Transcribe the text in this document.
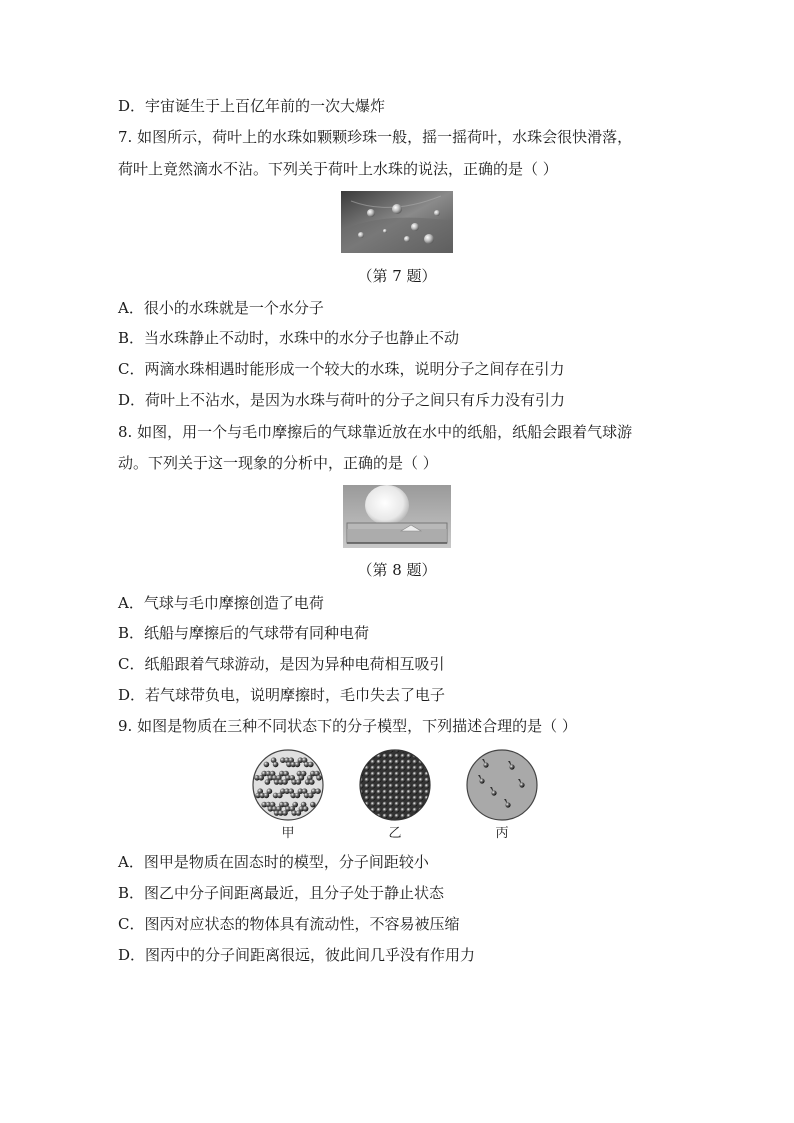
D．宇宙诞生于上百亿年前的一次大爆炸
7. 如图所示，荷叶上的水珠如颗颗珍珠一般，摇一摇荷叶，水珠会很快滑落，
荷叶上竟然滴水不沾。下列关于荷叶上水珠的说法，正确的是（ ）
（第 7 题）
A．很小的水珠就是一个水分子
B．当水珠静止不动时，水珠中的水分子也静止不动
C．两滴水珠相遇时能形成一个较大的水珠，说明分子之间存在引力
D．荷叶上不沾水，是因为水珠与荷叶的分子之间只有斥力没有引力
8. 如图，用一个与毛巾摩擦后的气球靠近放在水中的纸船，纸船会跟着气球游
动。下列关于这一现象的分析中，正确的是（ ）
（第 8 题）
A．气球与毛巾摩擦创造了电荷
B．纸船与摩擦后的气球带有同种电荷
C．纸船跟着气球游动，是因为异种电荷相互吸引
D．若气球带负电，说明摩擦时，毛巾失去了电子
9. 如图是物质在三种不同状态下的分子模型，下列描述合理的是（ ）
甲	乙	丙
A．图甲是物质在固态时的模型，分子间距较小
B．图乙中分子间距离最近，且分子处于静止状态
C．图丙对应状态的物体具有流动性，不容易被压缩
D．图丙中的分子间距离很远，彼此间几乎没有作用力
